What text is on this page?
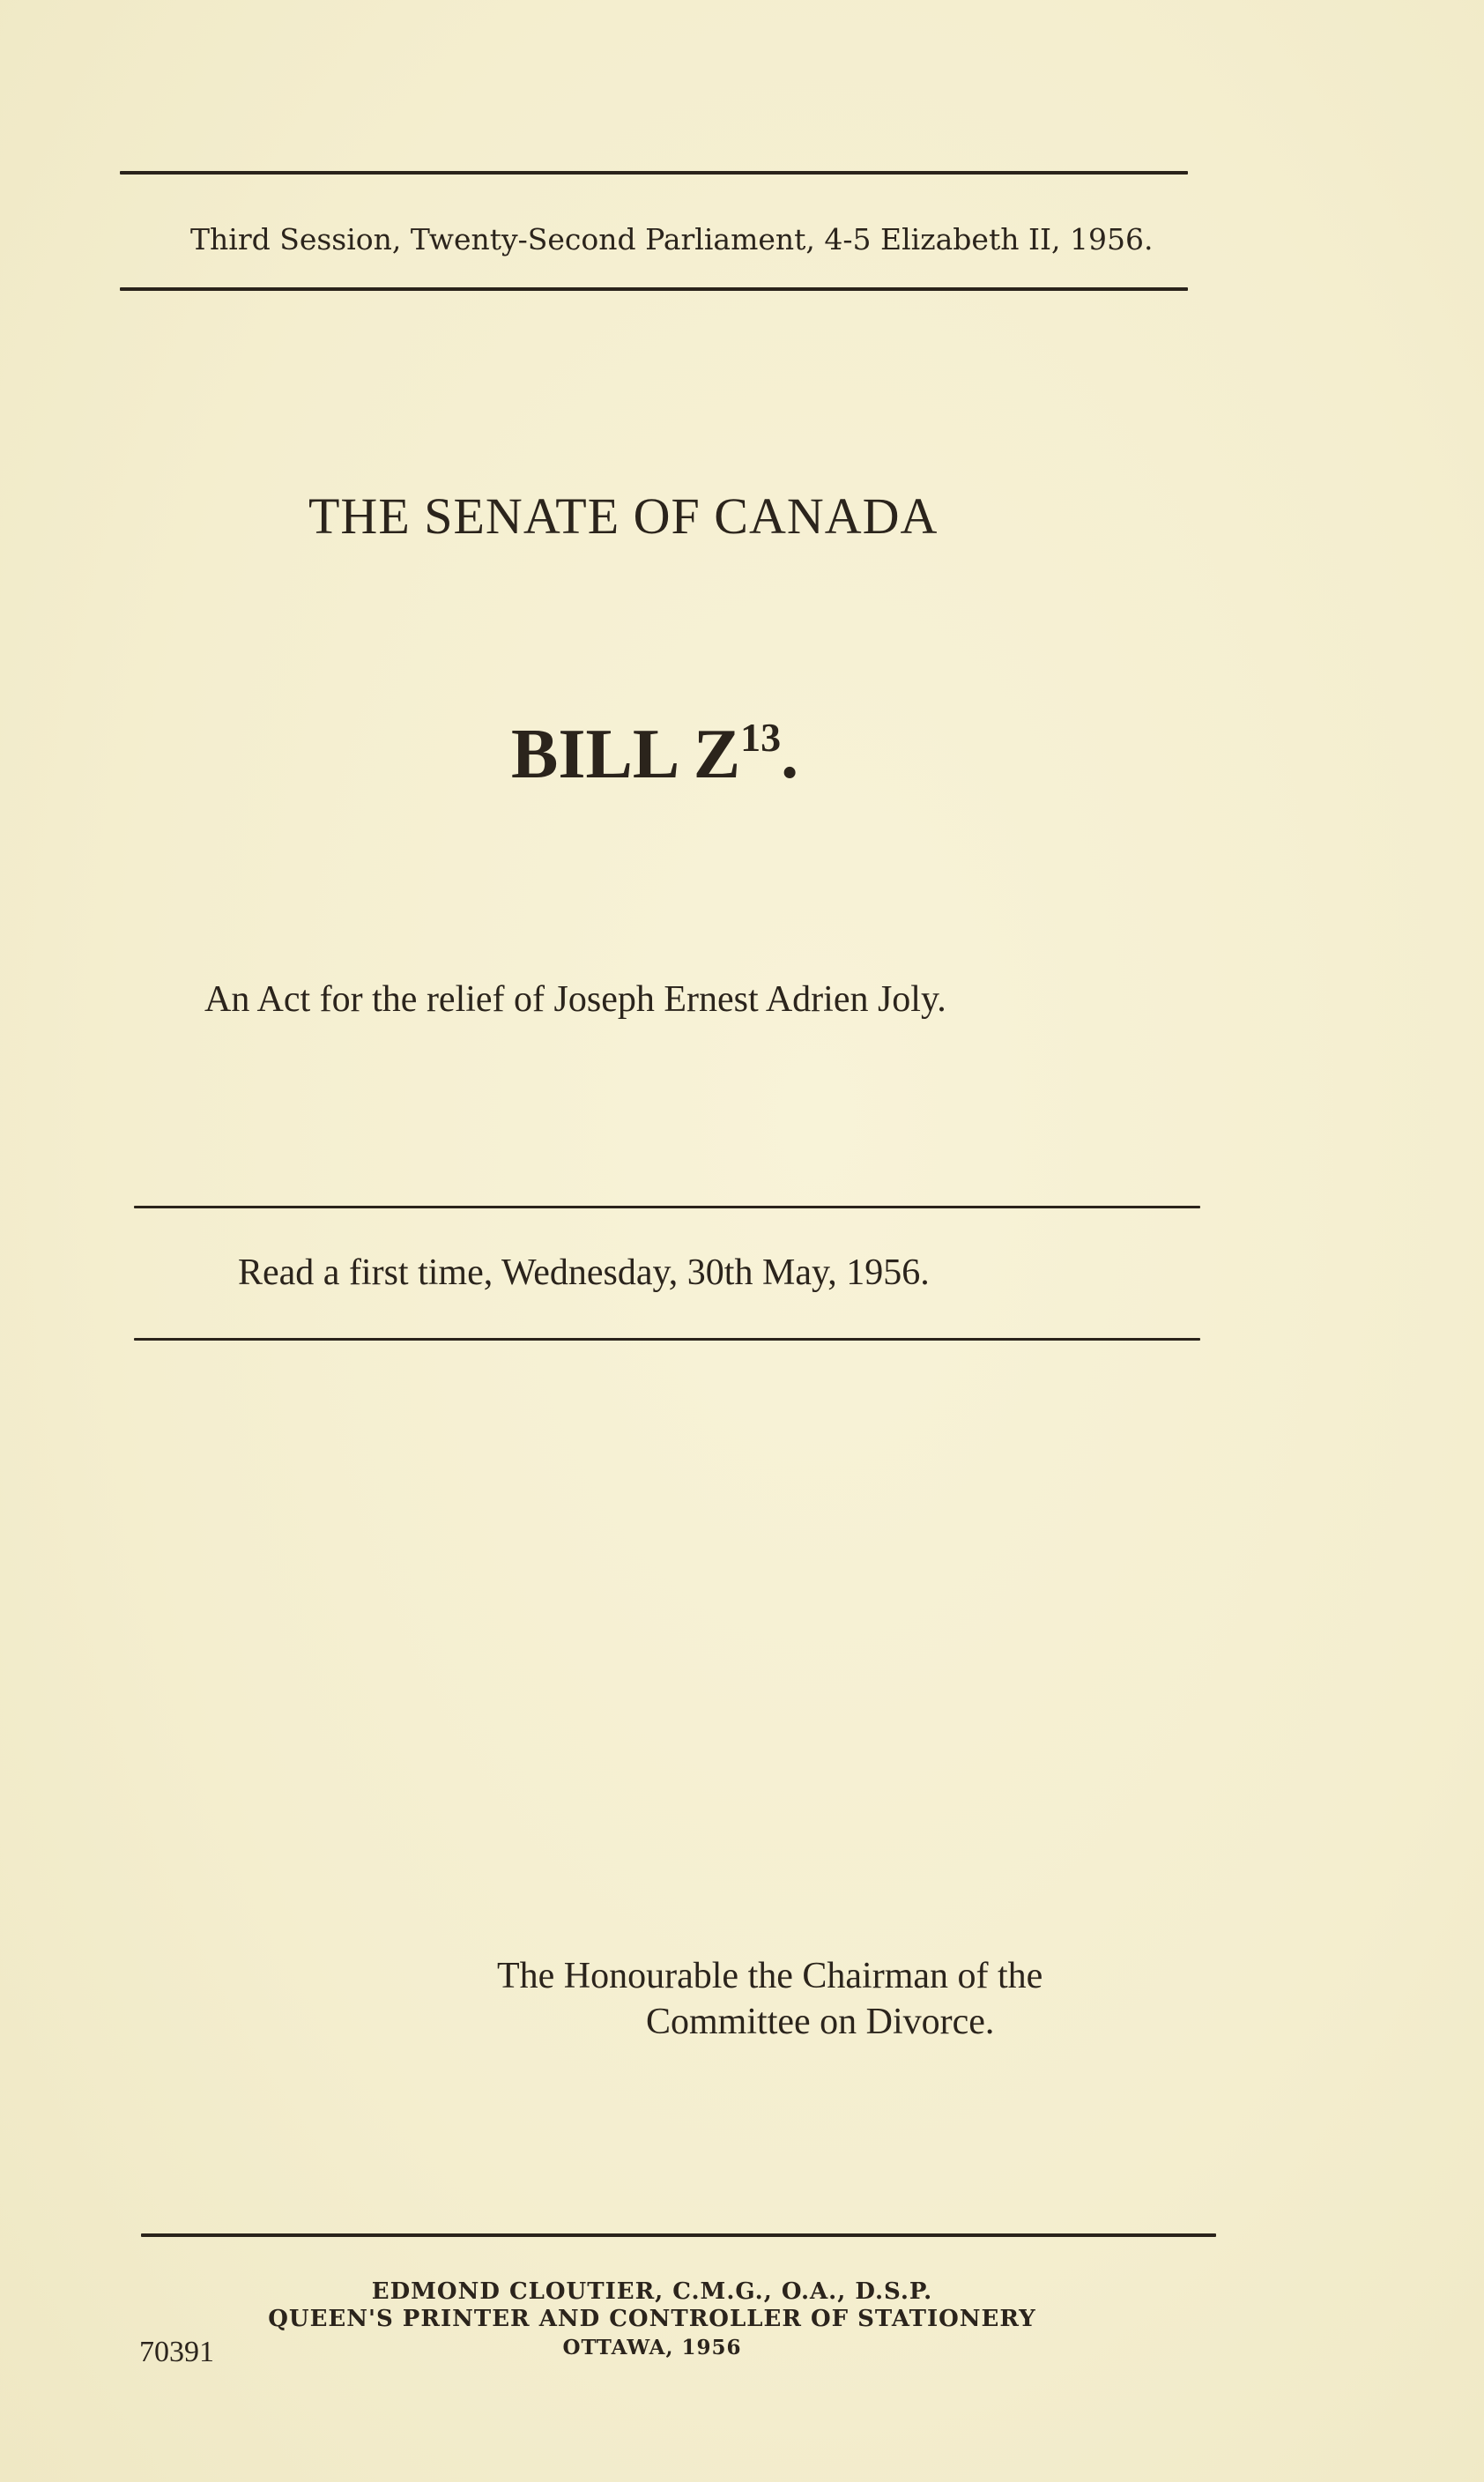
Third Session, Twenty-Second Parliament, 4-5 Elizabeth II, 1956.
THE SENATE OF CANADA
BILL $Z^{13}$.
An Act for the relief of Joseph Ernest Adrien Joly.
Read a first time, Wednesday, 30th May, 1956.
The Honourable the Chairman of the
Committee on Divorce.
EDMOND CLOUTIER, C.M.G., O.A., D.S.P.
QUEEN'S PRINTER AND CONTROLLER OF STATIONERY
OTTAWA, 1956
70391
